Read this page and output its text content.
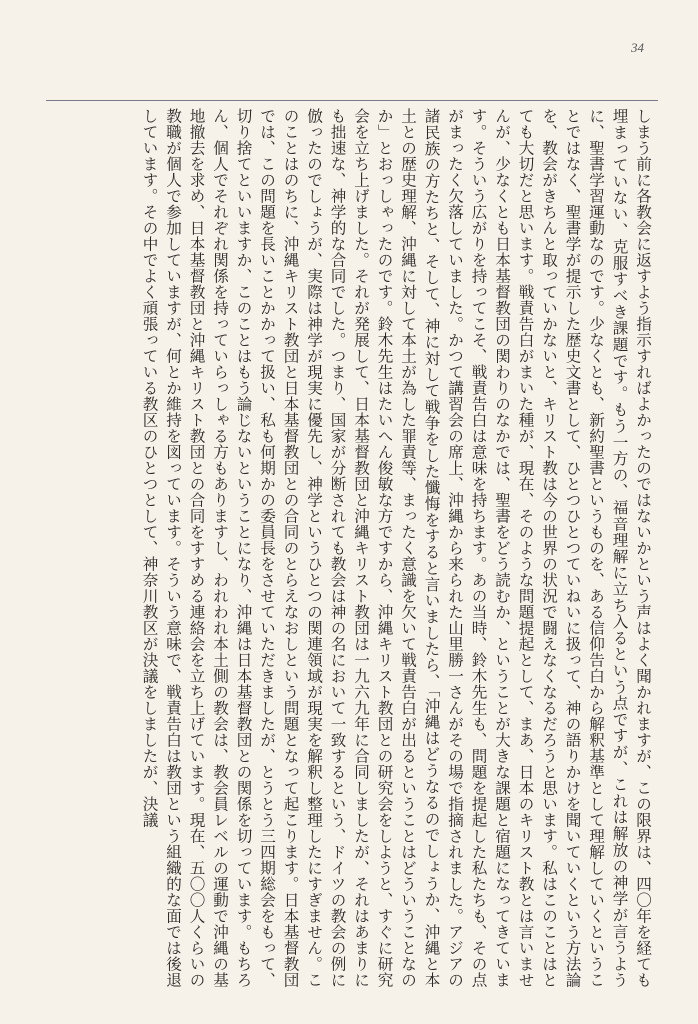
34

しまう前に各教会に返すよう指示すればよかったのではないかという声はよく聞かれますが、この限界は、四〇年を経ても埋まっていない、克服すべき課題です。もう一方の、福音理解に立ち入るという点ですが、これは解放の神学が言うように、聖書学習運動なのです。少なくとも、新約聖書というものを、ある信仰告白から解釈基準として理解していくということではなく、聖書学が提示した歴史文書として、ひとつひとつていねいに扱って、神の語りかけを聞いていくという方法論を、教会がきちんと取っていかないと、キリスト教は今の世界の状況で闘えなくなるだろうと思います。私はこのことはとても大切だと思います。戦責告白がまいた種が、現在、そのような問題提起として、まあ、日本のキリスト教とは言いませんが、少なくとも日本基督教団の関わりのなかでは、聖書をどう読むか、ということが大きな課題と宿題になってきています。そういう広がりを持ってこそ、戦責告白は意味を持ちます。あの当時、鈴木先生も、問題を提起した私たちも、その点がまったく欠落していました。かつて講習会の席上、沖縄から来られた山里勝一さんがその場で指摘されました。アジアの諸民族の方たちと、そして、神に対して戦争をした懺悔をすると言いましたら、「沖縄はどうなるのでしょうか、沖縄と本土との歴史理解、沖縄に対して本土が為した罪責等、まったく意識を欠いて戦責告白が出るということはどういうことなのか」とおっしゃったのです。鈴木先生はたいへん俊敏な方ですから、沖縄キリスト教団との研究会をしようと、すぐに研究会を立ち上げました。それが発展して、日本基督教団と沖縄キリスト教団は一九六九年に合同しましたが、それはあまりにも拙速な、神学的な合同でした。つまり、国家が分断されても教会は神の名において一致するという、ドイツの教会の例に倣ったのでしょうが、実際は神学が現実に優先し、神学というひとつの関連領域が現実を解釈し整理したにすぎません。このことはのちに、沖縄キリスト教団と日本基督教団との合同のとらえなおしという問題となって起こります。日本基督教団では、この問題を長いことかかって扱い、私も何期かの委員長をさせていただきましたが、とうとう三四期総会をもって、切り捨てといいますか、このことはもう論じないということになり、沖縄は日本基督教団との関係を切っています。もちろん、個人でそれぞれ関係を持っていらっしゃる方もありますし、われわれ本土側の教会は、教会員レベルの運動で沖縄の基地撤去を求め、日本基督教団と沖縄キリスト教団との合同をすすめる連絡会を立ち上げています。現在、五〇〇人くらいの教職が個人で参加していますが、何とか維持を図っています。そういう意味で、戦責告白は教団という組織的な面では後退しています。その中でよく頑張っている教区のひとつとして、神奈川教区が決議をしましたが、決議
